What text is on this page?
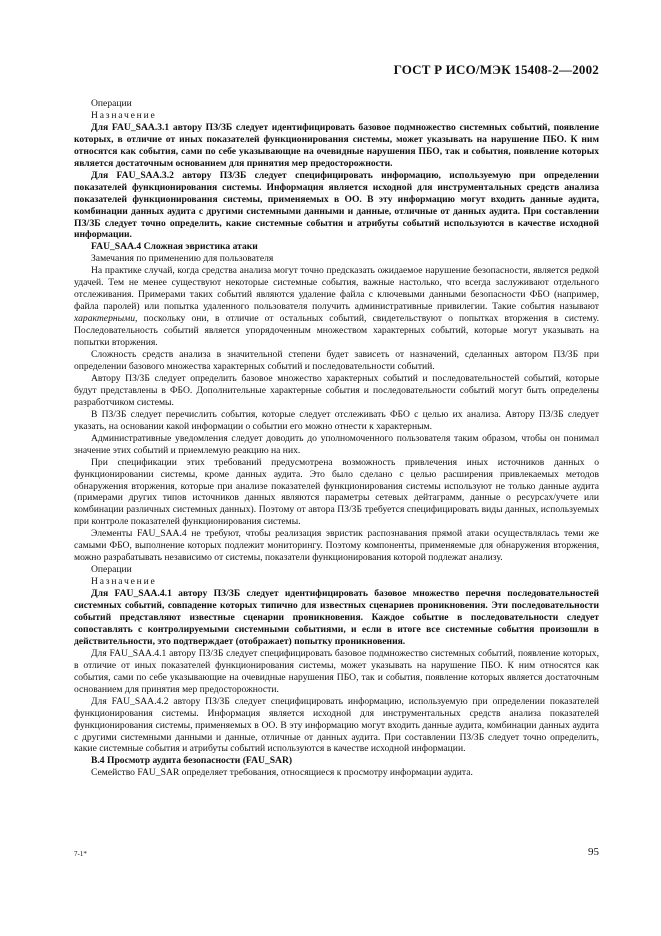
ГОСТ Р ИСО/МЭК 15408-2—2002

Операции

Назначение

Для FAU_SAA.3.1 автору ПЗ/ЗБ следует идентифицировать базовое подмножество системных событий, появление которых, в отличие от иных показателей функционирования системы, может указывать на нарушение ПБО. К ним относятся как события, сами по себе указывающие на очевидные нарушения ПБО, так и события, появление которых является достаточным основанием для принятия мер предосторожности.

Для FAU_SAA.3.2 автору ПЗ/ЗБ следует специфицировать информацию, используемую при определении показателей функционирования системы. Информация является исходной для инструментальных средств анализа показателей функционирования системы, применяемых в ОО. В эту информацию могут входить данные аудита, комбинации данных аудита с другими системными данными и данные, отличные от данных аудита. При составлении ПЗ/ЗБ следует точно определить, какие системные события и атрибуты событий используются в качестве исходной информации.

FAU_SAA.4 Сложная эвристика атаки

Замечания по применению для пользователя

На практике случай, когда средства анализа могут точно предсказать ожидаемое нарушение безопасности, является редкой удачей. Тем не менее существуют некоторые системные события, важные настолько, что всегда заслуживают отдельного отслеживания. Примерами таких событий являются удаление файла с ключевыми данными безопасности ФБО (например, файла паролей) или попытка удаленного пользователя получить административные привилегии. Такие события называют характерными, поскольку они, в отличие от остальных событий, свидетельствуют о попытках вторжения в систему. Последовательность событий является упорядоченным множеством характерных событий, которые могут указывать на попытки вторжения.

Сложность средств анализа в значительной степени будет зависеть от назначений, сделанных автором ПЗ/ЗБ при определении базового множества характерных событий и последовательности событий.

Автору ПЗ/ЗБ следует определить базовое множество характерных событий и последовательностей событий, которые будут представлены в ФБО. Дополнительные характерные события и последовательности событий могут быть определены разработчиком системы.

В ПЗ/ЗБ следует перечислить события, которые следует отслеживать ФБО с целью их анализа. Автору ПЗ/ЗБ следует указать, на основании какой информации о событии его можно отнести к характерным.

Административные уведомления следует доводить до уполномоченного пользователя таким образом, чтобы он понимал значение этих событий и приемлемую реакцию на них.

При спецификации этих требований предусмотрена возможность привлечения иных источников данных о функционировании системы, кроме данных аудита. Это было сделано с целью расширения привлекаемых методов обнаружения вторжения, которые при анализе показателей функционирования системы используют не только данные аудита (примерами других типов источников данных являются параметры сетевых дейтаграмм, данные о ресурсах/учете или комбинации различных системных данных). Поэтому от автора ПЗ/ЗБ требуется специфицировать виды данных, используемых при контроле показателей функционирования системы.

Элементы FAU_SAA.4 не требуют, чтобы реализация эвристик распознавания прямой атаки осуществлялась теми же самыми ФБО, выполнение которых подлежит мониторингу. Поэтому компоненты, применяемые для обнаружения вторжения, можно разрабатывать независимо от системы, показатели функционирования которой подлежат анализу.

Операции

Назначение

Для FAU_SAA.4.1 автору ПЗ/ЗБ следует идентифицировать базовое множество перечня последовательностей системных событий, совпадение которых типично для известных сценариев проникновения. Эти последовательности событий представляют известные сценарии проникновения. Каждое событие в последовательности следует сопоставлять с контролируемыми системными событиями, и если в итоге все системные события произошли в действительности, это подтверждает (отображает) попытку проникновения.

Для FAU_SAA.4.1 автору ПЗ/ЗБ следует специфицировать базовое подмножество системных событий, появление которых, в отличие от иных показателей функционирования системы, может указывать на нарушение ПБО. К ним относятся как события, сами по себе указывающие на очевидные нарушения ПБО, так и события, появление которых является достаточным основанием для принятия мер предосторожности.

Для FAU_SAA.4.2 автору ПЗ/ЗБ следует специфицировать информацию, используемую при определении показателей функционирования системы. Информация является исходной для инструментальных средств анализа показателей функционирования системы, применяемых в ОО. В эту информацию могут входить данные аудита, комбинации данных аудита с другими системными данными и данные, отличные от данных аудита. При составлении ПЗ/ЗБ следует точно определить, какие системные события и атрибуты событий используются в качестве исходной информации.

В.4 Просмотр аудита безопасности (FAU_SAR)

Семейство FAU_SAR определяет требования, относящиеся к просмотру информации аудита.

7-1*	95
